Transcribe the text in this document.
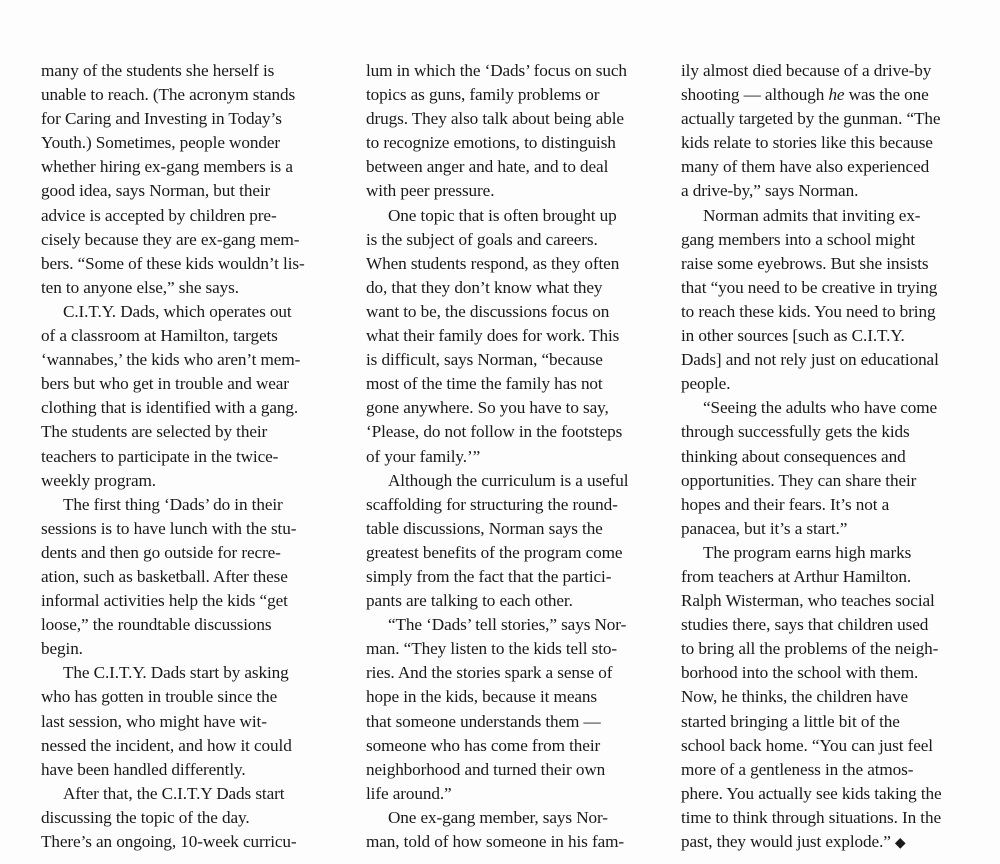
many of the students she herself is
unable to reach. (The acronym stands
for Caring and Investing in Today’s
Youth.) Sometimes, people wonder
whether hiring ex-gang members is a
good idea, says Norman, but their
advice is accepted by children pre-
cisely because they are ex-gang mem-
bers. “Some of these kids wouldn’t lis-
ten to anyone else,” she says.
C.I.T.Y. Dads, which operates out
of a classroom at Hamilton, targets
‘wannabes,’ the kids who aren’t mem-
bers but who get in trouble and wear
clothing that is identified with a gang.
The students are selected by their
teachers to participate in the twice-
weekly program.
The first thing ‘Dads’ do in their
sessions is to have lunch with the stu-
dents and then go outside for recre-
ation, such as basketball. After these
informal activities help the kids “get
loose,” the roundtable discussions
begin.
The C.I.T.Y. Dads start by asking
who has gotten in trouble since the
last session, who might have wit-
nessed the incident, and how it could
have been handled differently.
After that, the C.I.T.Y Dads start
discussing the topic of the day.
There’s an ongoing, 10-week curricu-
lum in which the ‘Dads’ focus on such
topics as guns, family problems or
drugs. They also talk about being able
to recognize emotions, to distinguish
between anger and hate, and to deal
with peer pressure.
One topic that is often brought up
is the subject of goals and careers.
When students respond, as they often
do, that they don’t know what they
want to be, the discussions focus on
what their family does for work. This
is difficult, says Norman, “because
most of the time the family has not
gone anywhere. So you have to say,
‘Please, do not follow in the footsteps
of your family.’”
Although the curriculum is a useful
scaffolding for structuring the round-
table discussions, Norman says the
greatest benefits of the program come
simply from the fact that the partici-
pants are talking to each other.
“The ‘Dads’ tell stories,” says Nor-
man. “They listen to the kids tell sto-
ries. And the stories spark a sense of
hope in the kids, because it means
that someone understands them —
someone who has come from their
neighborhood and turned their own
life around.”
One ex-gang member, says Nor-
man, told of how someone in his fam-
ily almost died because of a drive-by
shooting — although he was the one
actually targeted by the gunman. “The
kids relate to stories like this because
many of them have also experienced
a drive-by,” says Norman.
Norman admits that inviting ex-
gang members into a school might
raise some eyebrows. But she insists
that “you need to be creative in trying
to reach these kids. You need to bring
in other sources [such as C.I.T.Y.
Dads] and not rely just on educational
people.
“Seeing the adults who have come
through successfully gets the kids
thinking about consequences and
opportunities. They can share their
hopes and their fears. It’s not a
panacea, but it’s a start.”
The program earns high marks
from teachers at Arthur Hamilton.
Ralph Wisterman, who teaches social
studies there, says that children used
to bring all the problems of the neigh-
borhood into the school with them.
Now, he thinks, the children have
started bringing a little bit of the
school back home. “You can just feel
more of a gentleness in the atmos-
phere. You actually see kids taking the
time to think through situations. In the
past, they would just explode.” ◆
